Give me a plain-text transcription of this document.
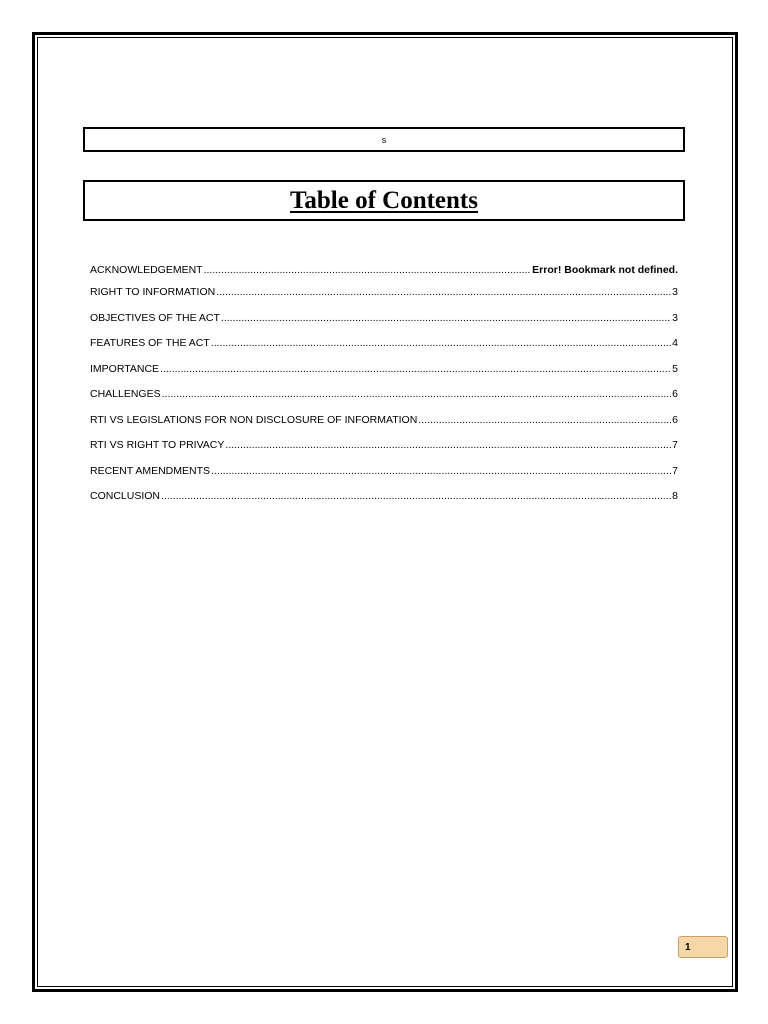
s
Table of Contents
ACKNOWLEDGEMENT .....	Error! Bookmark not defined.
RIGHT TO INFORMATION .....	3
OBJECTIVES OF THE ACT .....	3
FEATURES OF THE ACT .....	4
IMPORTANCE .....	5
CHALLENGES .....	6
RTI VS LEGISLATIONS FOR NON DISCLOSURE OF INFORMATION .....	6
RTI VS RIGHT TO PRIVACY .....	7
RECENT AMENDMENTS .....	7
CONCLUSION .....	8
1
